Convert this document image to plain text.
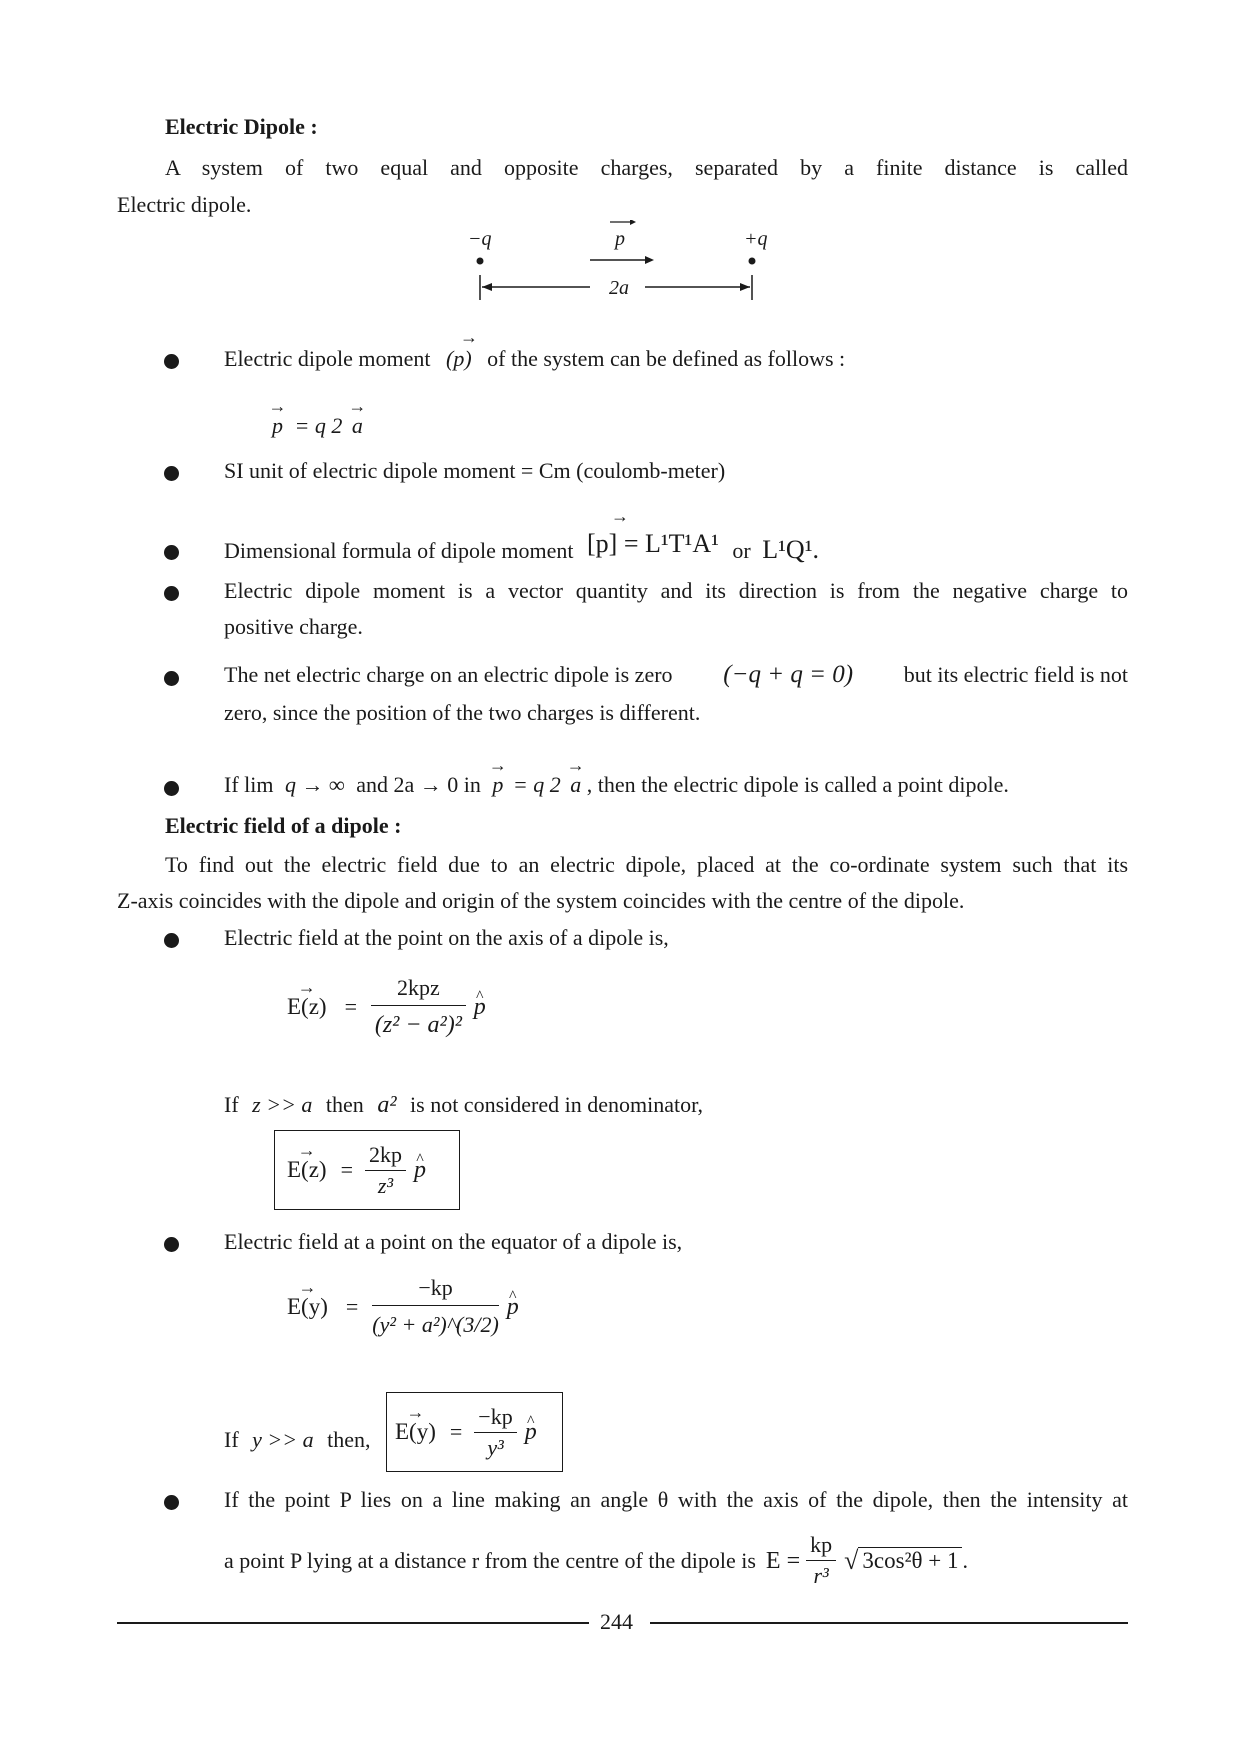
Electric Dipole :
A system of two equal and opposite charges, separated by a finite distance is called
Electric dipole.
−q	+q
p
2a
Electric dipole moment
→
(p) of the system can be defined as follows :
→ p = q 2 → a
SI unit of electric dipole moment = Cm (coulomb-meter)
Dimensional formula of dipole moment [p] = L¹T¹A¹ or L¹Q¹.
→
Electric dipole moment is a vector quantity and its direction is from the negative charge to
positive charge.
The net electric charge on an electric dipole is zero (−q + q = 0) but its electric field is not
zero, since the position of the two charges is different.
If lim q → ∞ and 2a → 0 in → p = q 2 → a , then the electric dipole is called a point dipole.
Electric field of a dipole :
To find out the electric field due to an electric dipole, placed at the co-ordinate system such that its
Z-axis coincides with the dipole and origin of the system coincides with the centre of the dipole.
Electric field at the point on the axis of a dipole is,
→ $E(z) = \frac{\text{2kpz}}{\text{(z² − a²)²}}$ ^ p
If z >> a then a² is not considered in denominator,
→ $E(z) = \frac{2kp}{\text{z³}}$ ^ p
Electric field at a point on the equator of a dipole is,
→ $E(y) = \frac{-kp}{\text{(y² + a²)\textasciicircum{}(3/2)}}$ ^ p
If y >> a then, → $E(y) = \frac{-kp}{\text{y³}}$ ^ p
If the point P lies on a line making an angle θ with the axis of the dipole, then the intensity at
a point P lying at a distance r from the centre of the dipole is $E = \frac{kp}{\text{r³}}$ √ 3cos²θ + 1 .
244
